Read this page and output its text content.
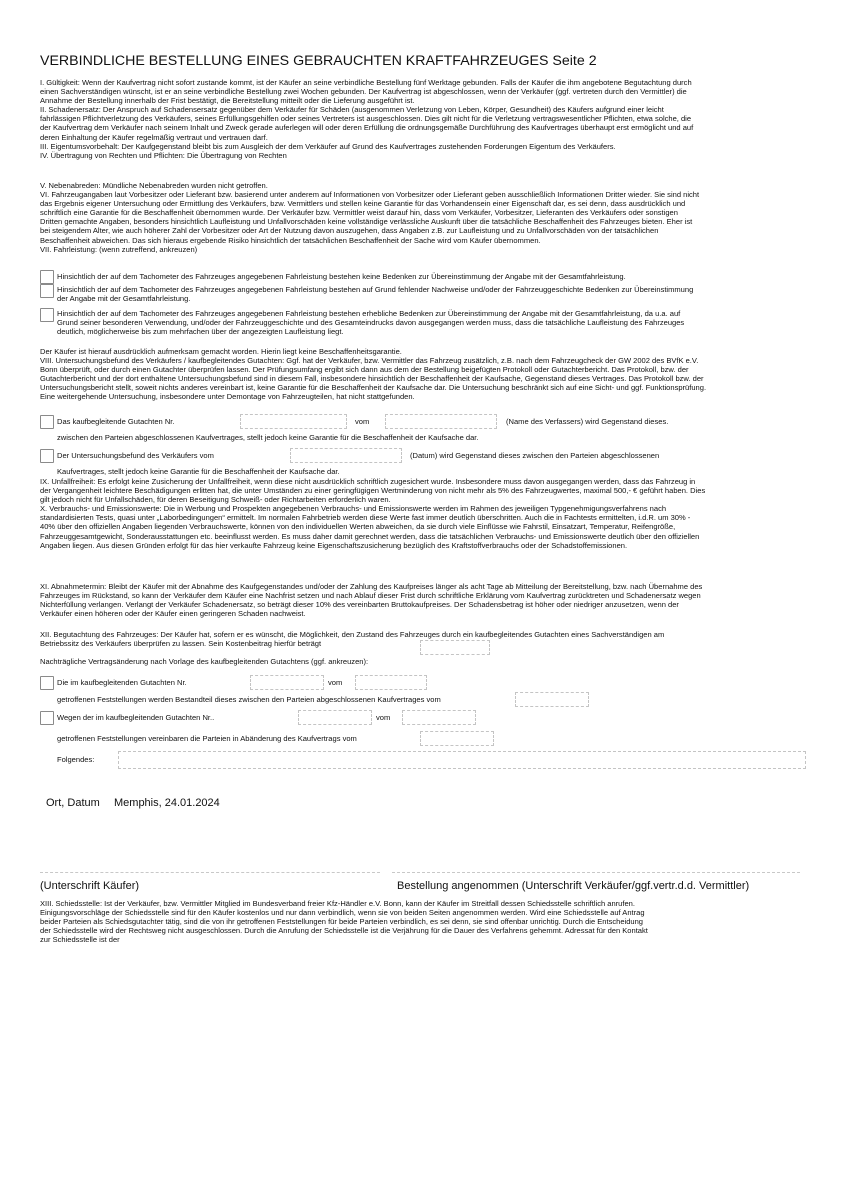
VERBINDLICHE BESTELLUNG EINES GEBRAUCHTEN KRAFTFAHRZEUGES Seite 2
I. Gültigkeit: Wenn der Kaufvertrag nicht sofort zustande kommt, ist der Käufer an seine verbindliche Bestellung fünf Werktage gebunden. Falls der Käufer die ihm angebotene Begutachtung durch
einen Sachverständigen wünscht, ist er an seine verbindliche Bestellung zwei Wochen gebunden. Der Kaufvertrag ist abgeschlossen, wenn der Verkäufer (ggf. vertreten durch den Vermittler) die
Annahme der Bestellung innerhalb der Frist bestätigt, die Bereitstellung mitteilt oder die Lieferung ausgeführt ist.
II. Schadenersatz: Der Anspruch auf Schadensersatz gegenüber dem Verkäufer für Schäden (ausgenommen Verletzung von Leben, Körper, Gesundheit) des Käufers aufgrund einer leicht
fahrlässigen Pflichtverletzung des Verkäufers, seines Erfüllungsgehilfen oder seines Vertreters ist ausgeschlossen. Dies gilt nicht für die Verletzung vertragswesentlicher Pflichten, etwa solche, die
der Kaufvertrag dem Verkäufer nach seinem Inhalt und Zweck gerade auferlegen will oder deren Erfüllung die ordnungsgemäße Durchführung des Kaufvertrages überhaupt erst ermöglicht und auf
deren Einhaltung der Käufer regelmäßig vertraut und vertrauen darf.
III. Eigentumsvorbehalt: Der Kaufgegenstand bleibt bis zum Ausgleich der dem Verkäufer auf Grund des Kaufvertrages zustehenden Forderungen Eigentum des Verkäufers.
IV. Übertragung von Rechten und Pflichten: Die Übertragung von Rechten
V. Nebenabreden: Mündliche Nebenabreden wurden nicht getroffen.
VI. Fahrzeugangaben laut Vorbesitzer oder Lieferant bzw. basierend unter anderem auf Informationen von Vorbesitzer oder Lieferant geben ausschließlich Informationen Dritter wieder. Sie sind nicht
das Ergebnis eigener Untersuchung oder Ermittlung des Verkäufers, bzw. Vermittlers und stellen keine Garantie für das Vorhandensein einer Eigenschaft dar, es sei denn, dass ausdrücklich und
schriftlich eine Garantie für die Beschaffenheit übernommen wurde. Der Verkäufer bzw. Vermittler weist darauf hin, dass vom Verkäufer, Vorbesitzer, Lieferanten des Verkäufers oder sonstigen
Dritten gemachte Angaben, besonders hinsichtlich Laufleistung und Unfallvorschäden keine vollständige verlässliche Auskunft über die tatsächliche Beschaffenheit des Fahrzeuges bieten. Eher ist
bei steigendem Alter, wie auch höherer Zahl der Vorbesitzer oder Art der Nutzung davon auszugehen, dass Angaben z.B. zur Laufleistung und zu Unfallvorschäden von der tatsächlichen
Beschaffenheit abweichen. Das sich hieraus ergebende Risiko hinsichtlich der tatsächlichen Beschaffenheit der Sache wird vom Käufer übernommen.
VII. Fahrleistung: (wenn zutreffend, ankreuzen)
Hinsichtlich der auf dem Tachometer des Fahrzeuges angegebenen Fahrleistung bestehen keine Bedenken zur Übereinstimmung der Angabe mit der Gesamtfahrleistung.
Hinsichtlich der auf dem Tachometer des Fahrzeuges angegebenen Fahrleistung bestehen auf Grund fehlender Nachweise und/oder der Fahrzeuggeschichte Bedenken zur Übereinstimmung
der Angabe mit der Gesamtfahrleistung.
Hinsichtlich der auf dem Tachometer des Fahrzeuges angegebenen Fahrleistung bestehen erhebliche Bedenken zur Übereinstimmung der Angabe mit der Gesamtfahrleistung, da u.a. auf
Grund seiner besonderen Verwendung, und/oder der Fahrzeuggeschichte und des Gesamteindrucks davon ausgegangen werden muss, dass die tatsächliche Laufleistung des Fahrzeuges
deutlich, möglicherweise bis zum mehrfachen über der angezeigten Laufleistung liegt.
Der Käufer ist hierauf ausdrücklich aufmerksam gemacht worden. Hierin liegt keine Beschaffenheitsgarantie.
VIII. Untersuchungsbefund des Verkäufers / kaufbegleitendes Gutachten: Ggf. hat der Verkäufer, bzw. Vermittler das Fahrzeug zusätzlich, z.B. nach dem Fahrzeugcheck der GW 2002 des BVfK e.V.
Bonn überprüft, oder durch einen Gutachter überprüfen lassen. Der Prüfungsumfang ergibt sich dann aus dem der Bestellung beigefügten Protokoll oder Gutachterbericht. Das Protokoll, bzw. der
Gutachterbericht und der dort enthaltene Untersuchungsbefund sind in diesem Fall, insbesondere hinsichtlich der Beschaffenheit der Kaufsache, Gegenstand dieses Vertrages. Das Protokoll bzw. der
Untersuchungsbericht stellt, soweit nichts anderes vereinbart ist, keine Garantie für die Beschaffenheit der Kaufsache dar. Die Untersuchung beschränkt sich auf eine Sicht- und ggf. Funktionsprüfung.
Eine weitergehende Untersuchung, insbesondere unter Demontage von Fahrzeugteilen, hat nicht stattgefunden.
Das kaufbegleitende Gutachten Nr.	vom	(Name des Verfassers) wird Gegenstand dieses.
zwischen den Parteien abgeschlossenen Kaufvertrages, stellt jedoch keine Garantie für die Beschaffenheit der Kaufsache dar.
Der Untersuchungsbefund des Verkäufers vom	(Datum) wird Gegenstand dieses zwischen den Parteien abgeschlossenen
Kaufvertrages, stellt jedoch keine Garantie für die Beschaffenheit der Kaufsache dar.
IX. Unfallfreiheit: Es erfolgt keine Zusicherung der Unfallfreiheit, wenn diese nicht ausdrücklich schriftlich zugesichert wurde. Insbesondere muss davon ausgegangen werden, dass das Fahrzeug in
der Vergangenheit leichtere Beschädigungen erlitten hat, die unter Umständen zu einer geringfügigen Wertminderung von nicht mehr als 5% des Fahrzeugwertes, maximal 500,- € geführt haben. Dies
gilt jedoch nicht für Unfallschäden, für deren Beseitigung Schweiß- oder Richtarbeiten erforderlich waren.
X. Verbrauchs- und Emissionswerte: Die in Werbung und Prospekten angegebenen Verbrauchs- und Emissionswerte werden im Rahmen des jeweiligen Typgenehmigungsverfahrens nach
standardisierten Tests, quasi unter „Laborbedingungen“ ermittelt. Im normalen Fahrbetrieb werden diese Werte fast immer deutlich überschritten. Auch die in Fachtests ermittelten, i.d.R. um 30% -
40% über den offiziellen Angaben liegenden Verbrauchswerte, können von den individuellen Werten abweichen, da sie durch viele Einflüsse wie Fahrstil, Einsatzart, Temperatur, Reifengröße,
Fahrzeuggesamtgewicht, Sonderausstattungen etc. beeinflusst werden. Es muss daher damit gerechnet werden, dass die tatsächlichen Verbrauchs- und Emissionswerte deutlich über den offiziellen
Angaben liegen. Aus diesen Gründen erfolgt für das hier verkaufte Fahrzeug keine Eigenschaftszusicherung bezüglich des Kraftstoffverbrauchs oder der Schadstoffemissionen.
XI. Abnahmetermin: Bleibt der Käufer mit der Abnahme des Kaufgegenstandes und/oder der Zahlung des Kaufpreises länger als acht Tage ab Mitteilung der Bereitstellung, bzw. nach Übernahme des
Fahrzeuges im Rückstand, so kann der Verkäufer dem Käufer eine Nachfrist setzen und nach Ablauf dieser Frist durch schriftliche Erklärung vom Kaufvertrag zurücktreten und Schadenersatz wegen
Nichterfüllung verlangen. Verlangt der Verkäufer Schadenersatz, so beträgt dieser 10% des vereinbarten Bruttokaufpreises. Der Schadensbetrag ist höher oder niedriger anzusetzen, wenn der
Verkäufer einen höheren oder der Käufer einen geringeren Schaden nachweist.
XII. Begutachtung des Fahrzeuges: Der Käufer hat, sofern er es wünscht, die Möglichkeit, den Zustand des Fahrzeuges durch ein kaufbegleitendes Gutachten eines Sachverständigen am
Betriebssitz des Verkäufers überprüfen zu lassen. Sein Kostenbeitrag hierfür beträgt
Nachträgliche Vertragsänderung nach Vorlage des kaufbegleitenden Gutachtens (ggf. ankreuzen):
Die im kaufbegleitenden Gutachten Nr.	vom
getroffenen Feststellungen werden Bestandteil dieses zwischen den Parteien abgeschlossenen Kaufvertrages vom
Wegen der im kaufbegleitenden Gutachten Nr..	vom
getroffenen Feststellungen vereinbaren die Parteien in Abänderung des Kaufvertrags vom
Folgendes:
Ort, Datum Memphis, 24.01.2024
(Unterschrift Käufer)	Bestellung angenommen (Unterschrift Verkäufer/ggf.vertr.d.d. Vermittler)
XIII. Schiedsstelle: Ist der Verkäufer, bzw. Vermittler Mitglied im Bundesverband freier Kfz-Händler e.V. Bonn, kann der Käufer im Streitfall dessen Schiedsstelle schriftlich anrufen.
Einigungsvorschläge der Schiedsstelle sind für den Käufer kostenlos und nur dann verbindlich, wenn sie von beiden Seiten angenommen werden. Wird eine Schiedsstelle auf Antrag
beider Parteien als Schiedsgutachter tätig, sind die von ihr getroffenen Feststellungen für beide Parteien verbindlich, es sei denn, sie sind offenbar unrichtig. Durch die Entscheidung
der Schiedsstelle wird der Rechtsweg nicht ausgeschlossen. Durch die Anrufung der Schiedsstelle ist die Verjährung für die Dauer des Verfahrens gehemmt. Adressat für den Kontakt
zur Schiedsstelle ist der
